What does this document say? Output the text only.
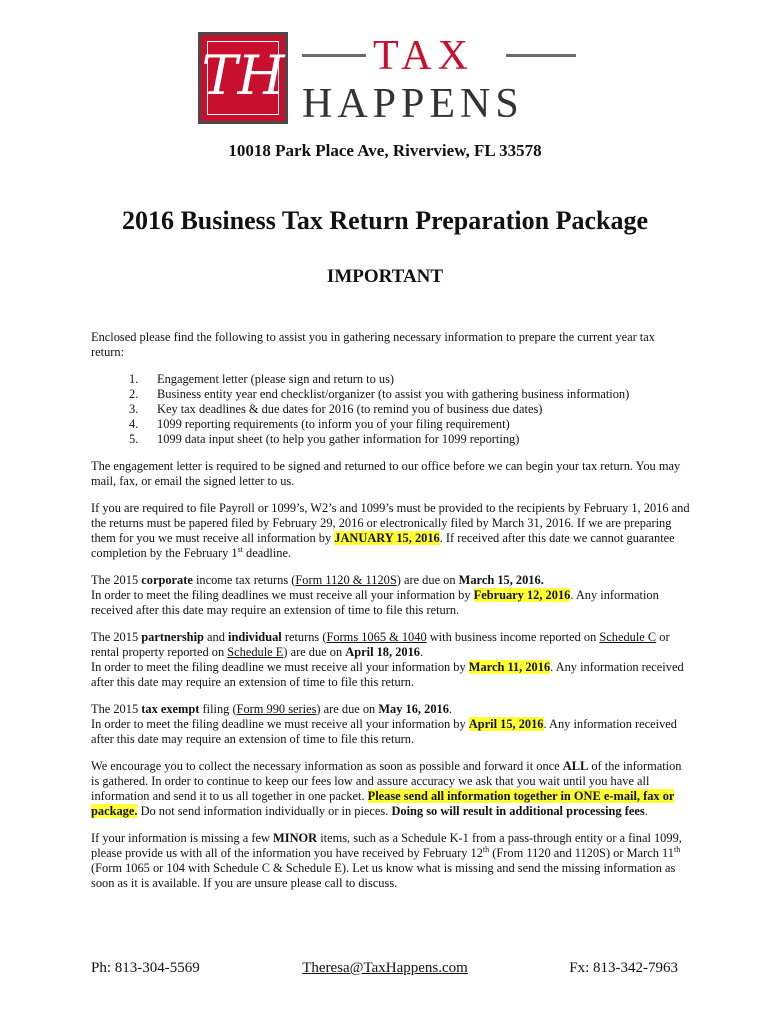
TH TAX
HAPPENS
10018 Park Place Ave, Riverview, FL 33578
2016 Business Tax Return Preparation Package
IMPORTANT

Enclosed please find the following to assist you in gathering necessary information to prepare the current year tax return:

1.	Engagement letter (please sign and return to us)
2.	Business entity year end checklist/organizer (to assist you with gathering business information)
3.	Key tax deadlines & due dates for 2016 (to remind you of business due dates)
4.	1099 reporting requirements (to inform you of your filing requirement)
5.	1099 data input sheet (to help you gather information for 1099 reporting)

The engagement letter is required to be signed and returned to our office before we can begin your tax return. You may mail, fax, or email the signed letter to us.

If you are required to file Payroll or 1099’s, W2’s and 1099’s must be provided to the recipients by February 1, 2016 and the returns must be papered filed by February 29, 2016 or electronically filed by March 31, 2016. If we are preparing them for you we must receive all information by JANUARY 15, 2016. If received after this date we cannot guarantee completion by the February 1st deadline.

The 2015 corporate income tax returns (Form 1120 & 1120S) are due on March 15, 2016.
In order to meet the filing deadlines we must receive all your information by February 12, 2016. Any information received after this date may require an extension of time to file this return.

The 2015 partnership and individual returns (Forms 1065 & 1040 with business income reported on Schedule C or rental property reported on Schedule E) are due on April 18, 2016.
In order to meet the filing deadline we must receive all your information by March 11, 2016. Any information received after this date may require an extension of time to file this return.

The 2015 tax exempt filing (Form 990 series) are due on May 16, 2016.
In order to meet the filing deadline we must receive all your information by April 15, 2016. Any information received after this date may require an extension of time to file this return.

We encourage you to collect the necessary information as soon as possible and forward it once ALL of the information is gathered. In order to continue to keep our fees low and assure accuracy we ask that you wait until you have all information and send it to us all together in one packet. Please send all information together in ONE e-mail, fax or package. Do not send information individually or in pieces. Doing so will result in additional processing fees.

If your information is missing a few MINOR items, such as a Schedule K-1 from a pass-through entity or a final 1099, please provide us with all of the information you have received by February 12th (From 1120 and 1120S) or March 11th (Form 1065 or 104 with Schedule C & Schedule E). Let us know what is missing and send the missing information as soon as it is available. If you are unsure please call to discuss.

Ph: 813-304-5569	Theresa@TaxHappens.com	Fx: 813-342-7963
